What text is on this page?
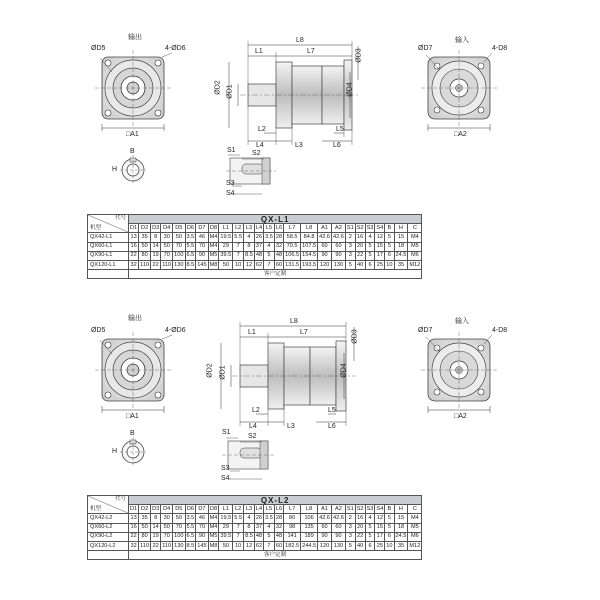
输出
ØD5	4-ØD6
□A1
B
H
L8
L1	L7
L2
L4	L3
L5
L6
ØD2 ØD1
ØD3
ØD4
S1 S2
S3
S4
输入
ØD7	4-D8
□A2
代号
机型	QX-L1																								
	D1	D2	D3	D4	D5	D6	D7	D8	L1	L2	L3	L4	L5	L6	L7	L8	A1	A2	S1	S2	S3	S4	B	H	C
QX42-L1	13	35	8	30	50	3.5	46	M4	19.5	5.5	4	26	3.5	28	58.5	84.8	42.6	42.6	2	16	4	12	5	15	M4
QX60-L1	16	50	14	50	70	5.5	70	M4	29	7	8	37	4	32	70.5	107.5	60	60	3	20	5	15	5	18	M5
QX90-L1	22	80	19	70	100	6.5	90	M5	39.5	7	8.5	48	5	48	106.5	154.5	90	90	3	22	5	17	6	24.5	M6
QX120-L1	32	110	22	110	130	8.5	145	M8	50	10	12	62	7	60	131.5	193.5	120	130	5	40	6	25	10	35	M12
	客户定制																								
输出
ØD5	4-ØD6
□A1
B
H
L8
L1	L7
L2
L4	L3
L5
L6
ØD2 ØD1
ØD3
ØD4
S1
S2
S3
S4
输入
ØD7	4-D8
□A2
代号
机型	QX-L2																								
	D1	D2	D3	D4	D5	D6	D7	D8	L1	L2	L3	L4	L5	L6	L7	L8	A1	A2	S1	S2	S3	S4	B	H	C
QX42-L2	13	35	8	30	50	3.5	46	M4	19.5	5.5	4	26	3.5	28	80	106	42.6	42.6	2	16	4	12	5	15	M4
QX60-L2	16	50	14	50	70	5.5	70	M4	29	7	8	37	4	32	98	135	60	60	3	20	5	15	5	18	M5
QX90-L2	22	80	19	70	100	6.5	90	M5	39.5	7	8.5	48	5	48	141	189	90	90	3	22	5	17	6	24.5	M6
QX120-L2	32	110	22	110	130	8.5	145	M8	50	10	12	62	7	60	182.5	244.5	120	130	5	40	6	25	10	35	M12
	客户定制																								
